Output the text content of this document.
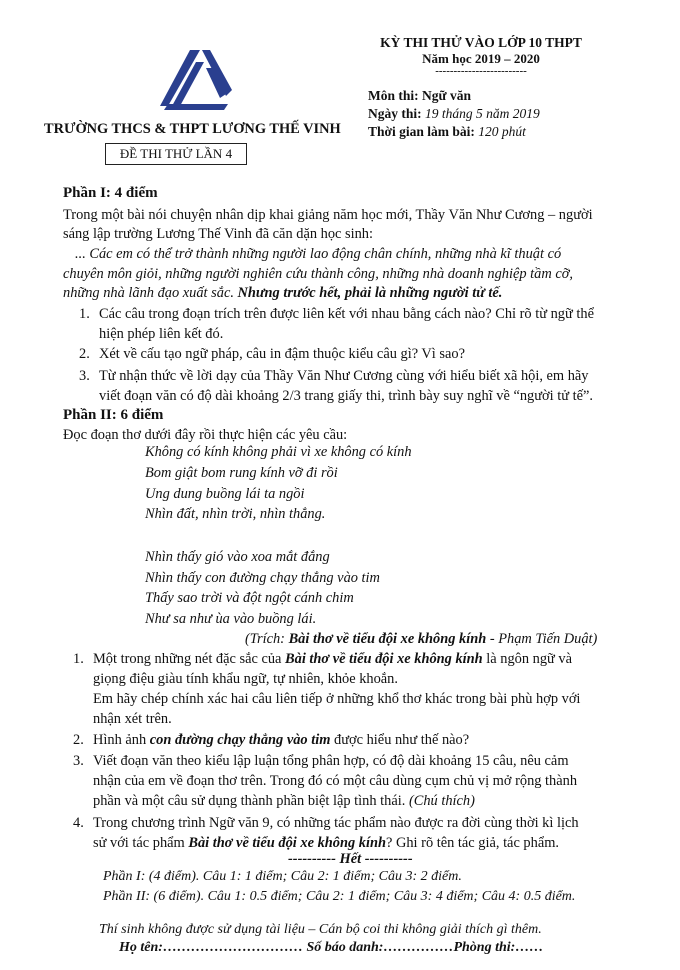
TRƯỜNG THCS & THPT LƯƠNG THẾ VINH
ĐỀ THI THỬ LẦN 4
KỲ THI THỬ VÀO LỚP 10 THPT
Năm học 2019 – 2020
-------------------------
Môn thi: Ngữ văn
Ngày thi: 19 tháng 5 năm 2019
Thời gian làm bài: 120 phút
Phần I: 4 điểm
Trong một bài nói chuyện nhân dịp khai giảng năm học mới, Thầy Văn Như Cương – người
sáng lập trường Lương Thế Vinh đã căn dặn học sinh:
... Các em có thể trở thành những người lao động chân chính, những nhà kĩ thuật có
chuyên môn giỏi, những người nghiên cứu thành công, những nhà doanh nghiệp tầm cỡ,
những nhà lãnh đạo xuất sắc. Nhưng trước hết, phải là những người tử tế.
1. Các câu trong đoạn trích trên được liên kết với nhau bằng cách nào? Chỉ rõ từ ngữ thể
hiện phép liên kết đó.
2. Xét về cấu tạo ngữ pháp, câu in đậm thuộc kiểu câu gì? Vì sao?
3. Từ nhận thức về lời dạy của Thầy Văn Như Cương cùng với hiểu biết xã hội, em hãy
viết đoạn văn có độ dài khoảng 2/3 trang giấy thi, trình bày suy nghĩ về “người tử tế”.
Phần II: 6 điểm
Đọc đoạn thơ dưới đây rồi thực hiện các yêu cầu:
Không có kính không phải vì xe không có kính
Bom giật bom rung kính vỡ đi rồi
Ung dung buồng lái ta ngồi
Nhìn đất, nhìn trời, nhìn thẳng.
Nhìn thấy gió vào xoa mắt đắng
Nhìn thấy con đường chạy thẳng vào tim
Thấy sao trời và đột ngột cánh chim
Như sa như ùa vào buồng lái.
(Trích: Bài thơ về tiểu đội xe không kính - Phạm Tiến Duật)
1. Một trong những nét đặc sắc của Bài thơ về tiểu đội xe không kính là ngôn ngữ và
giọng điệu giàu tính khẩu ngữ, tự nhiên, khỏe khoắn.
Em hãy chép chính xác hai câu liên tiếp ở những khổ thơ khác trong bài phù hợp với
nhận xét trên.
2. Hình ảnh con đường chạy thẳng vào tim được hiểu như thế nào?
3. Viết đoạn văn theo kiểu lập luận tổng phân hợp, có độ dài khoảng 15 câu, nêu cảm
nhận của em về đoạn thơ trên. Trong đó có một câu dùng cụm chủ vị mở rộng thành
phần và một câu sử dụng thành phần biệt lập tình thái. (Chú thích)
4. Trong chương trình Ngữ văn 9, có những tác phẩm nào được ra đời cùng thời kì lịch
sử với tác phẩm Bài thơ về tiểu đội xe không kính? Ghi rõ tên tác giả, tác phẩm.
---------- Hết ----------
Phần I: (4 điểm). Câu 1: 1 điểm; Câu 2: 1 điểm; Câu 3: 2 điểm.
Phần II: (6 điểm). Câu 1: 0.5 điểm; Câu 2: 1 điểm; Câu 3: 4 điểm; Câu 4: 0.5 điểm.
Thí sinh không được sử dụng tài liệu – Cán bộ coi thi không giải thích gì thêm.
Họ tên:………………………… Số báo danh:……………Phòng thi:……
